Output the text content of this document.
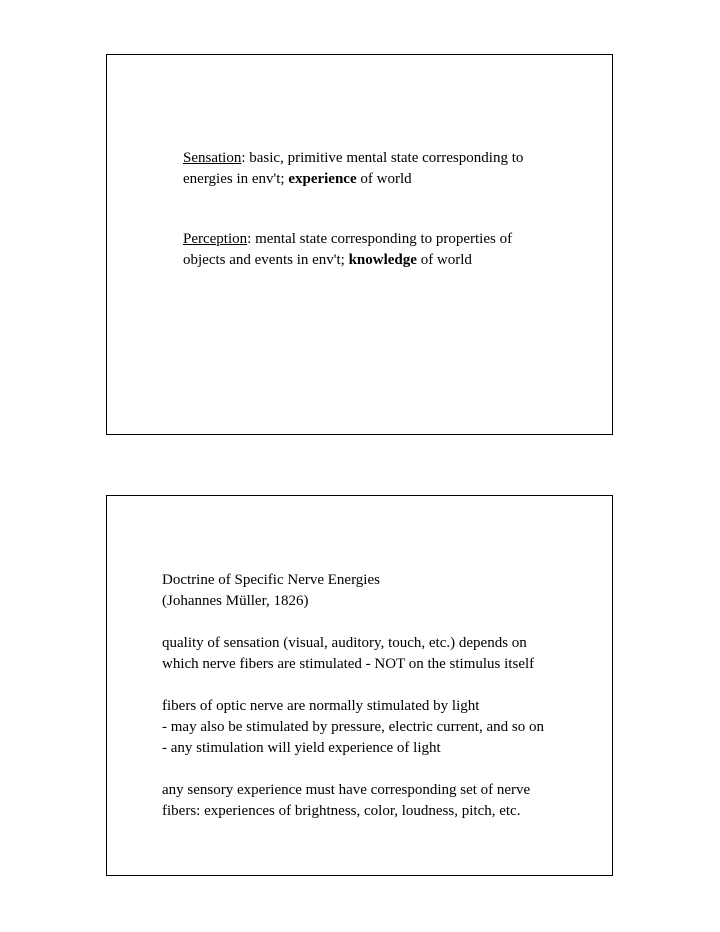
Sensation: basic, primitive mental state corresponding to
energies in env't; experience of world
Perception: mental state corresponding to properties of
objects and events in env't; knowledge of world
Doctrine of Specific Nerve Energies
(Johannes Müller, 1826)
quality of sensation (visual, auditory, touch, etc.) depends on
which nerve fibers are stimulated - NOT on the stimulus itself
fibers of optic nerve are normally stimulated by light
- may also be stimulated by pressure, electric current, and so on
- any stimulation will yield experience of light
any sensory experience must have corresponding set of nerve
fibers: experiences of brightness, color, loudness, pitch, etc.
